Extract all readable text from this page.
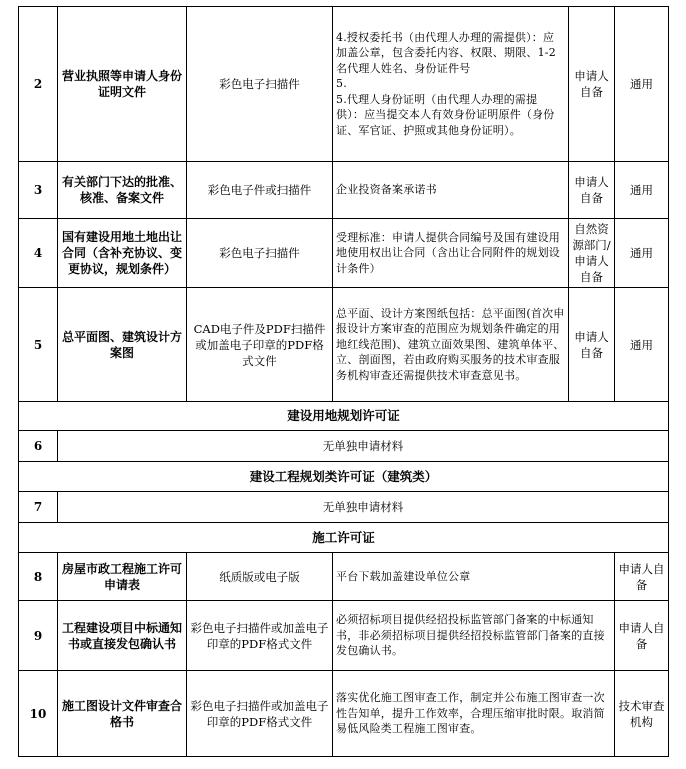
2	营业执照等申请人身份证明文件	彩色电子扫描件	4.授权委托书（由代理人办理的需提供）：应加盖公章，包含委托内容、权限、期限、1-2名代理人姓名、身份证件号
5.
5.代理人身份证明（由代理人办理的需提供）：应当提交本人有效身份证明原件（身份证、军官证、护照或其他身份证明）。	申请人自备	通用
3	有关部门下达的批准、核准、备案文件	彩色电子件或扫描件	企业投资备案承诺书	申请人自备	通用
4	国有建设用地土地出让合同（含补充协议、变更协议，规划条件）	彩色电子扫描件	受理标准：申请人提供合同编号及国有建设用地使用权出让合同（含出让合同附件的规划设计条件）	自然资源部门/申请人自备	通用
5	总平面图、建筑设计方案图	CAD电子件及PDF扫描件或加盖电子印章的PDF格式文件	总平面、设计方案图纸包括：总平面图(首次申报设计方案审查的范围应为规划条件确定的用地红线范围)、建筑立面效果图、建筑单体平、立、剖面图，若由政府购买服务的技术审查服务机构审查还需提供技术审查意见书。	申请人自备	通用
建设用地规划许可证					
6	无单独申请材料				
建设工程规划类许可证（建筑类）					
7	无单独申请材料				
施工许可证					
8	房屋市政工程施工许可申请表	纸质版或电子版	平台下载加盖建设单位公章		申请人自备
9	工程建设项目中标通知书或直接发包确认书	彩色电子扫描件或加盖电子印章的PDF格式文件	必须招标项目提供经招投标监管部门备案的中标通知书，非必须招标项目提供经招投标监管部门备案的直接发包确认书。		申请人自备
10	施工图设计文件审查合格书	彩色电子扫描件或加盖电子印章的PDF格式文件	落实优化施工图审查工作，制定并公布施工图审查一次性告知单，提升工作效率，合理压缩审批时限。取消简易低风险类工程施工图审查。		技术审查机构
